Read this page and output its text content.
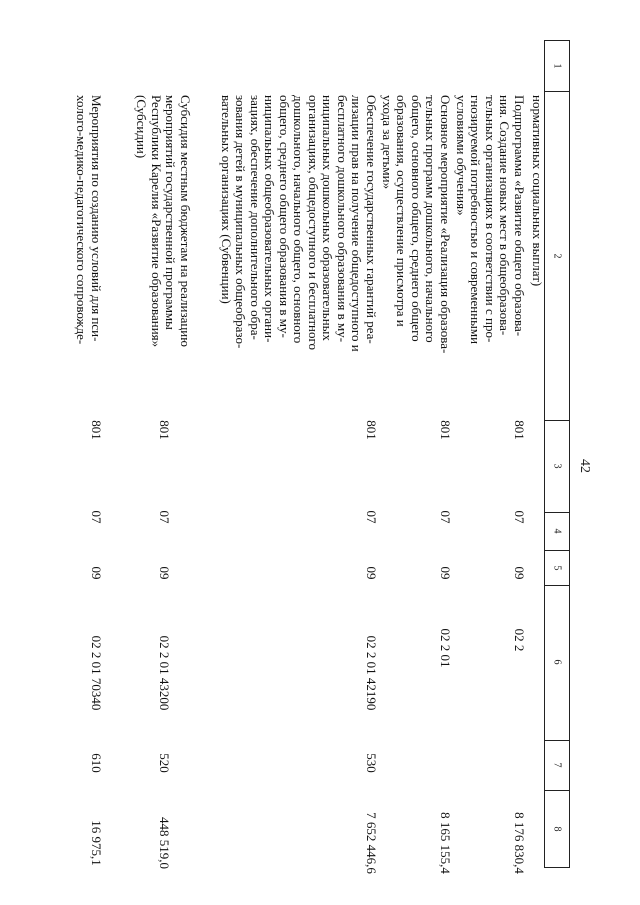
42
1
2
3
4
5
6
7
8
нормативных социальных выплат)
Подпрограмма «Развитие общего образова-
ния. Создание новых мест в общеобразова-
тельных организациях в соответствии с про-
гнозируемой потребностью и современными
условиями обучения»
801
07
09
02 2
8 176 830,4
Основное мероприятие «Реализация образова-
тельных программ дошкольного, начального
общего, основного общего, среднего общего
образования, осуществление присмотра и
ухода за детьми»
801
07
09
02 2 01
8 165 155,4
Обеспечение государственных гарантий реа-
лизации прав на получение общедоступного и
бесплатного дошкольного образования в му-
ниципальных дошкольных образовательных
организациях, общедоступного и бесплатного
дошкольного, начального общего, основного
общего, среднего общего образования в му-
ниципальных общеобразовательных органи-
зациях, обеспечение дополнительного обра-
зования детей в муниципальных общеобразо-
вательных организациях (Субвенции)
801
07
09
02 2 01 42190
530
7 652 446,6
Субсидия местным бюджетам на реализацию
мероприятий государственной программы
Республики Карелия «Развитие образования»
(Субсидии)
801
07
09
02 2 01 43200
520
448 519,0
Мероприятия по созданию условий для пси-
холого-медико-педагогического сопровожде-
801
07
09
02 2 01 70340
610
16 975,1
